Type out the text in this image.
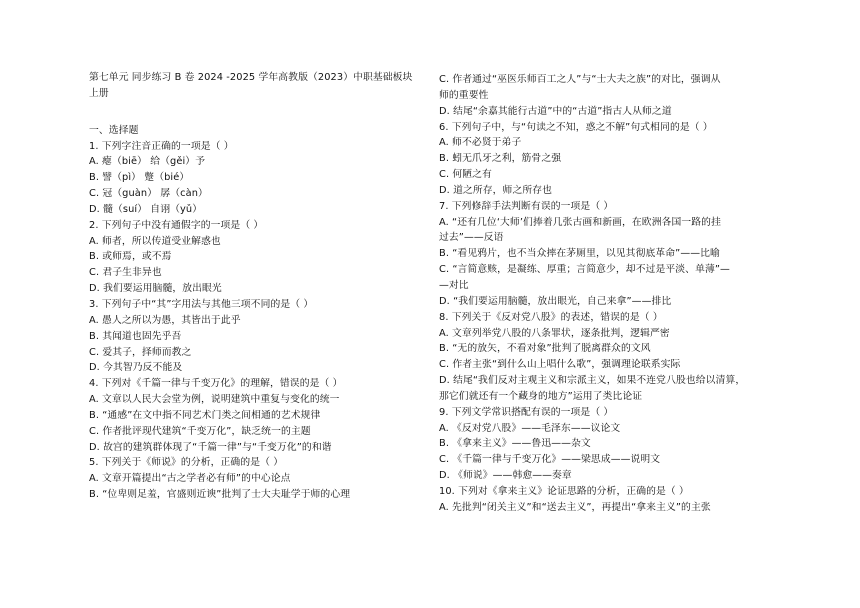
第七单元 同步练习 B 卷 2024 -2025 学年高教版（2023）中职基础板块
上册
一、选择题
1. 下列字注音正确的一项是（ ）
A. 瘪（biē） 给（gěi）予
B. 譬（pì） 蹩（bié）
C. 冠（guàn） 孱（càn）
D. 髓（suí） 自诩（yǔ）
2. 下列句子中没有通假字的一项是（ ）
A. 师者，所以传道受业解惑也
B. 或师焉，或不焉
C. 君子生非异也
D. 我们要运用脑髓，放出眼光
3. 下列句子中“其”字用法与其他三项不同的是（ ）
A. 愚人之所以为愚，其皆出于此乎
B. 其闻道也固先乎吾
C. 爱其子，择师而教之
D. 今其智乃反不能及
4. 下列对《千篇一律与千变万化》的理解，错误的是（ ）
A. 文章以人民大会堂为例，说明建筑中重复与变化的统一
B. “通感”在文中指不同艺术门类之间相通的艺术规律
C. 作者批评现代建筑“千变万化”，缺乏统一的主题
D. 故宫的建筑群体现了“千篇一律”与“千变万化”的和谐
5. 下列关于《师说》的分析，正确的是（ ）
A. 文章开篇提出“古之学者必有师”的中心论点
B. “位卑则足羞，官盛则近谀”批判了士大夫耻学于师的心理
C. 作者通过“巫医乐师百工之人”与“士大夫之族”的对比，强调从
师的重要性
D. 结尾“余嘉其能行古道”中的“古道”指古人从师之道
6. 下列句子中，与“句读之不知，惑之不解”句式相同的是（ ）
A. 师不必贤于弟子
B. 蚓无爪牙之利，筋骨之强
C. 何陋之有
D. 道之所存，师之所存也
7. 下列修辞手法判断有误的一项是（ ）
A. “还有几位‘大师’们捧着几张古画和新画，在欧洲各国一路的挂
过去”——反语
B. “看见鸦片，也不当众摔在茅厕里，以见其彻底革命”——比喻
C. “言简意赅，是凝练、厚重；言简意少，却不过是平淡、单薄”—
—对比
D. “我们要运用脑髓，放出眼光，自己来拿”——排比
8. 下列关于《反对党八股》的表述，错误的是（ ）
A. 文章列举党八股的八条罪状，逐条批判，逻辑严密
B. “无的放矢，不看对象”批判了脱离群众的文风
C. 作者主张“到什么山上唱什么歌”，强调理论联系实际
D. 结尾“我们反对主观主义和宗派主义，如果不连党八股也给以清算，
那它们就还有一个藏身的地方”运用了类比论证
9. 下列文学常识搭配有误的一项是（ ）
A. 《反对党八股》——毛泽东——议论文
B. 《拿来主义》——鲁迅——杂文
C. 《千篇一律与千变万化》——梁思成——说明文
D. 《师说》——韩愈——奏章
10. 下列对《拿来主义》论证思路的分析，正确的是（ ）
A. 先批判“闭关主义”和“送去主义”，再提出“拿来主义”的主张
